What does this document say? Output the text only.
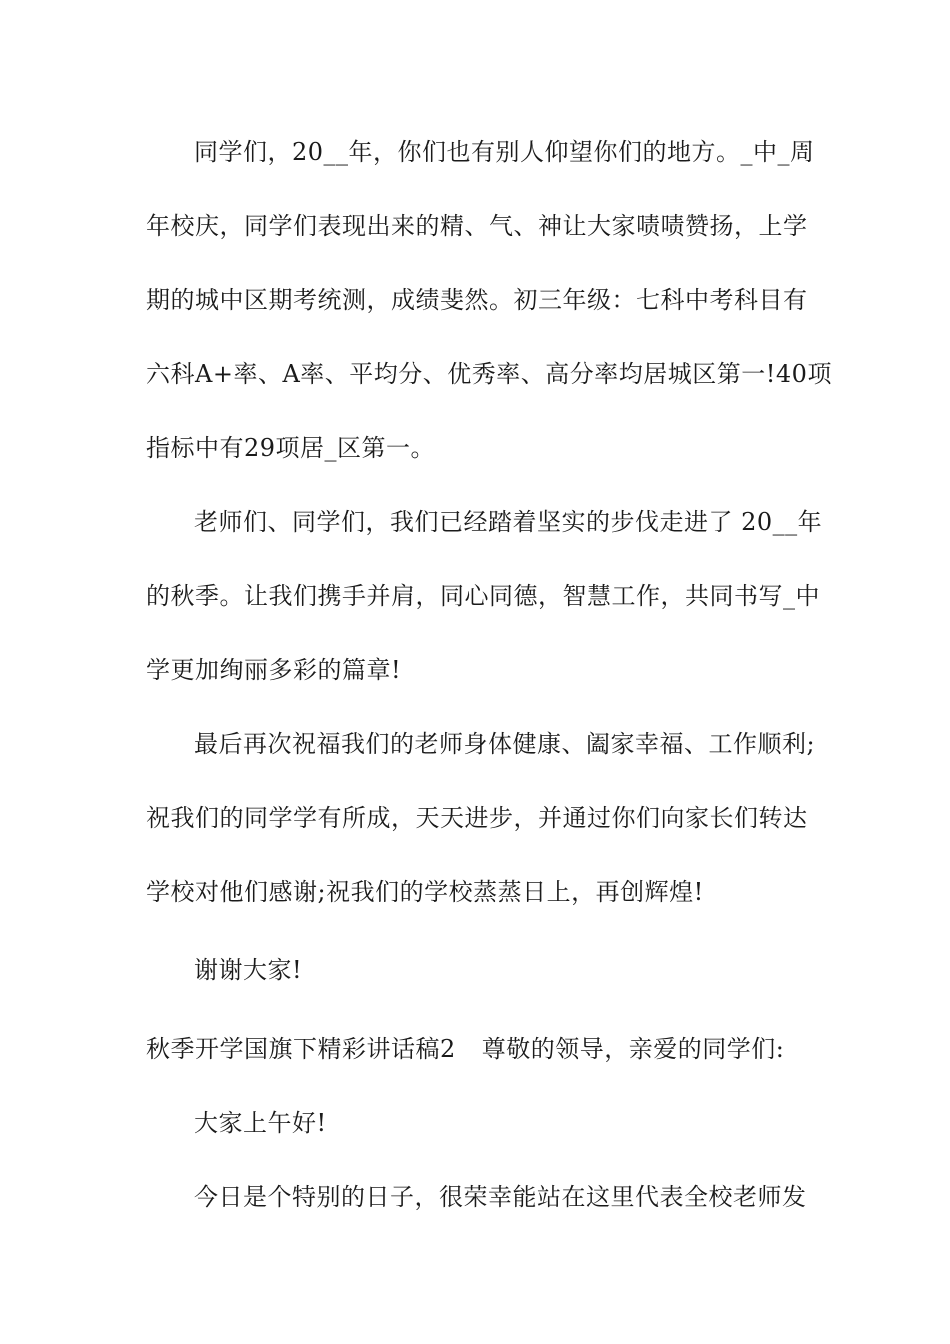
同学们，20__年，你们也有别人仰望你们的地方。_中_周
年校庆，同学们表现出来的精、气、神让大家啧啧赞扬，上学
期的城中区期考统测，成绩斐然。初三年级：七科中考科目有
六科A+率、A率、平均分、优秀率、高分率均居城区第一!40项
指标中有29项居_区第一。
老师们、同学们，我们已经踏着坚实的步伐走进了 20__年
的秋季。让我们携手并肩，同心同德，智慧工作，共同书写_中
学更加绚丽多彩的篇章!
最后再次祝福我们的老师身体健康、阖家幸福、工作顺利;
祝我们的同学学有所成，天天进步，并通过你们向家长们转达
学校对他们感谢;祝我们的学校蒸蒸日上，再创辉煌!
谢谢大家!
秋季开学国旗下精彩讲话稿2 尊敬的领导，亲爱的同学们:
大家上午好!
今日是个特别的日子，很荣幸能站在这里代表全校老师发
